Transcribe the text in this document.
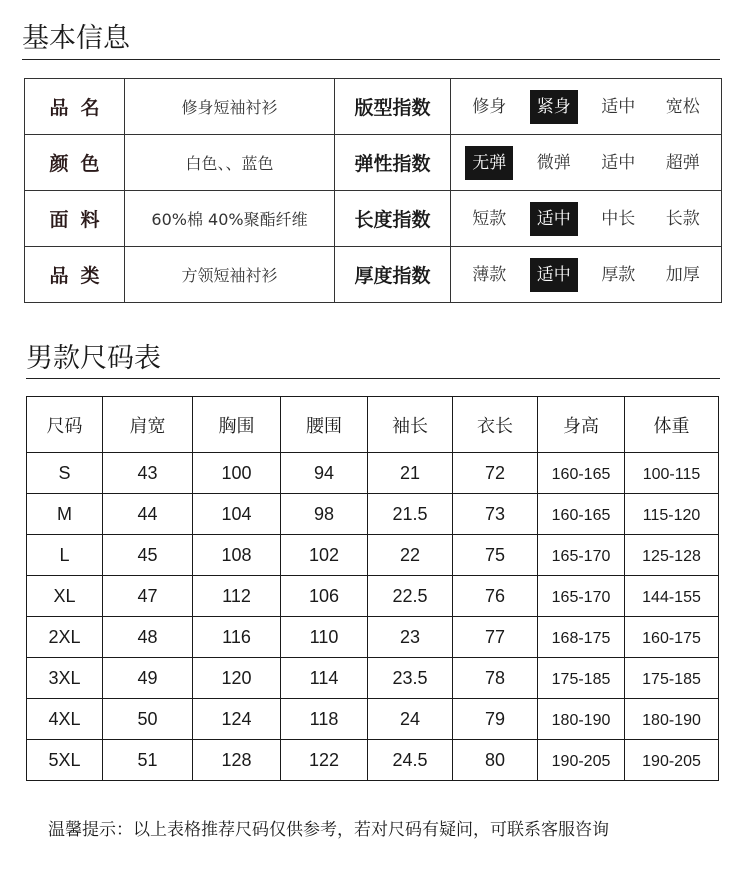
基本信息
品名	修身短袖衬衫	版型指数	修身 紧身 适中 宽松

颜色	白色、、蓝色	弹性指数	无弹 微弹 适中 超弹

面料	60%棉 40%聚酯纤维	长度指数	短款 适中 中长 长款

品类	方领短袖衬衫	厚度指数	薄款 适中 厚款 加厚
男款尺码表
尺码	肩宽	胸围	腰围	袖长	衣长	身高	体重
S	43	100	94	21	72	160-165	100-115
M	44	104	98	21.5	73	160-165	115-120
L	45	108	102	22	75	165-170	125-128
XL	47	112	106	22.5	76	165-170	144-155
2XL	48	116	110	23	77	168-175	160-175
3XL	49	120	114	23.5	78	175-185	175-185
4XL	50	124	118	24	79	180-190	180-190
5XL	51	128	122	24.5	80	190-205	190-205
温馨提示：以上表格推荐尺码仅供参考，若对尺码有疑问，可联系客服咨询
